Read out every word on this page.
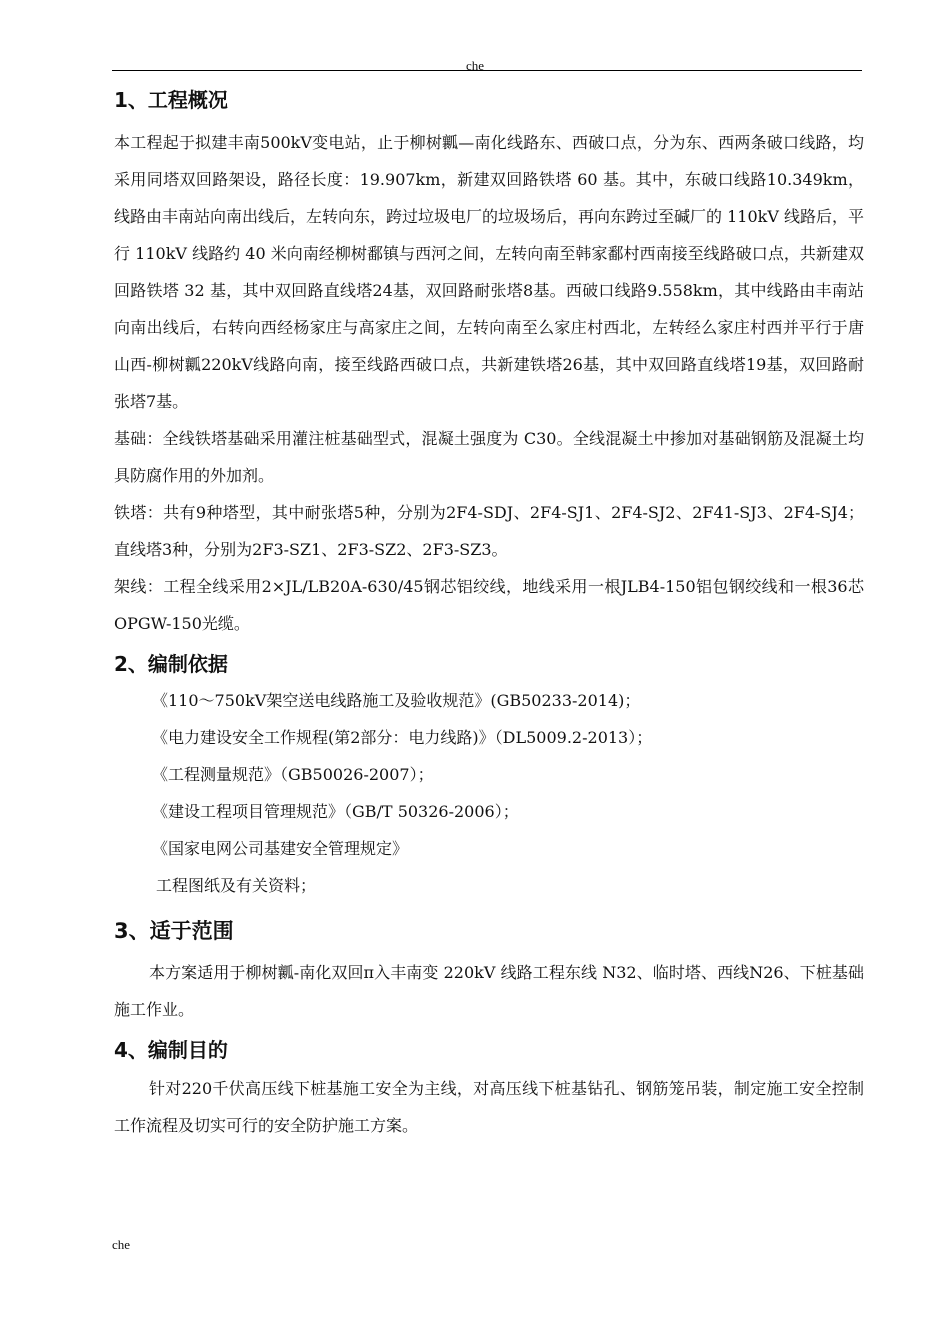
che
1、工程概况

本工程起于拟建丰南500kV变电站，止于柳树瓤—南化线路东、西破口点，分为东、西两条破口线路，均采用同塔双回路架设，路径长度：19.907km，新建双回路铁塔 60 基。其中，东破口线路10.349km，线路由丰南站向南出线后，左转向东，跨过垃圾电厂的垃圾场后，再向东跨过至碱厂的 110kV 线路后，平行 110kV 线路约 40 米向南经柳树鄱镇与西河之间，左转向南至韩家鄱村西南接至线路破口点，共新建双回路铁塔 32 基，其中双回路直线塔24基，双回路耐张塔8基。西破口线路9.558km，其中线路由丰南站向南出线后，右转向西经杨家庄与高家庄之间，左转向南至么家庄村西北，左转经么家庄村西并平行于唐山西-柳树瓤220kV线路向南，接至线路西破口点，共新建铁塔26基，其中双回路直线塔19基，双回路耐张塔7基。

基础：全线铁塔基础采用灌注桩基础型式，混凝土强度为 C30。全线混凝土中掺加对基础钢筋及混凝土均具防腐作用的外加剂。

铁塔：共有9种塔型，其中耐张塔5种，分别为2F4-SDJ、2F4-SJ1、2F4-SJ2、2F41-SJ3、2F4-SJ4；直线塔3种，分别为2F3-SZ1、2F3-SZ2、2F3-SZ3。

架线：工程全线采用2×JL/LB20A-630/45钢芯铝绞线，地线采用一根JLB4-150铝包钢绞线和一根36芯OPGW-150光缆。

2、编制依据

《110～750kV架空送电线路施工及验收规范》(GB50233-2014)；

《电力建设安全工作规程(第2部分：电力线路)》（DL5009.2-2013）；

《工程测量规范》（GB50026-2007）；

《建设工程项目管理规范》（GB/T 50326-2006）；

《国家电网公司基建安全管理规定》

工程图纸及有关资料；

3、适于范围

本方案适用于柳树瓤-南化双回π入丰南变 220kV 线路工程东线 N32、临时塔、西线N26、下桩基础施工作业。

4、编制目的

针对220千伏高压线下桩基施工安全为主线，对高压线下桩基钻孔、钢筋笼吊装，制定施工安全控制工作流程及切实可行的安全防护施工方案。

che
